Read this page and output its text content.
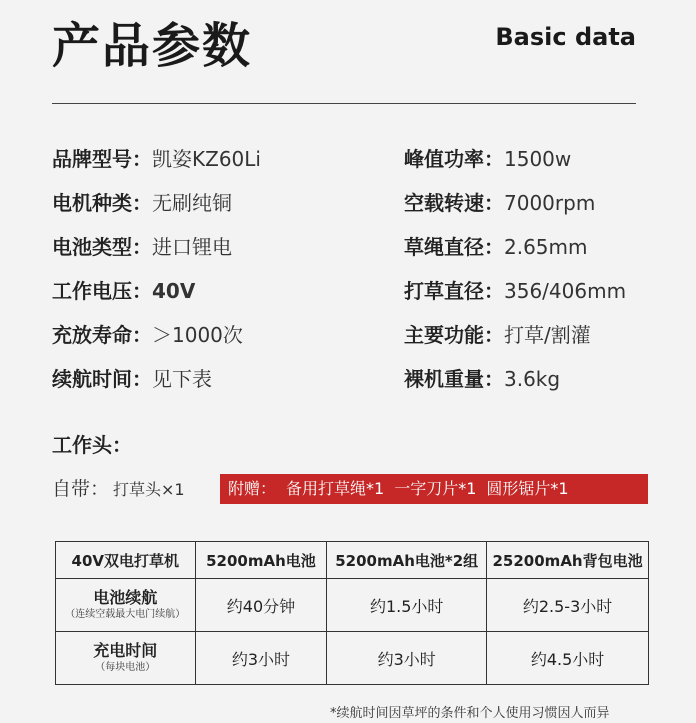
产品参数	Basic data
品牌型号：凯姿KZ60Li
电机种类：无刷纯铜
电池类型：进口锂电
工作电压：40V
充放寿命：＞1000次
续航时间：见下表
峰值功率：1500w
空载转速：7000rpm
草绳直径：2.65mm
打草直径：356/406mm
主要功能：打草/割灌
裸机重量：3.6kg
工作头：
自带： 打草头×1	附赠： 备用打草绳*1 一字刀片*1 圆形锯片*1
40V双电打草机	5200mAh电池	5200mAh电池*2组	25200mAh背包电池

电池续航
（连续空载最大电门续航）	约40分钟	约1.5小时	约2.5-3小时

充电时间
（每块电池）	约3小时	约3小时	约4.5小时
*续航时间因草坪的条件和个人使用习惯因人而异
